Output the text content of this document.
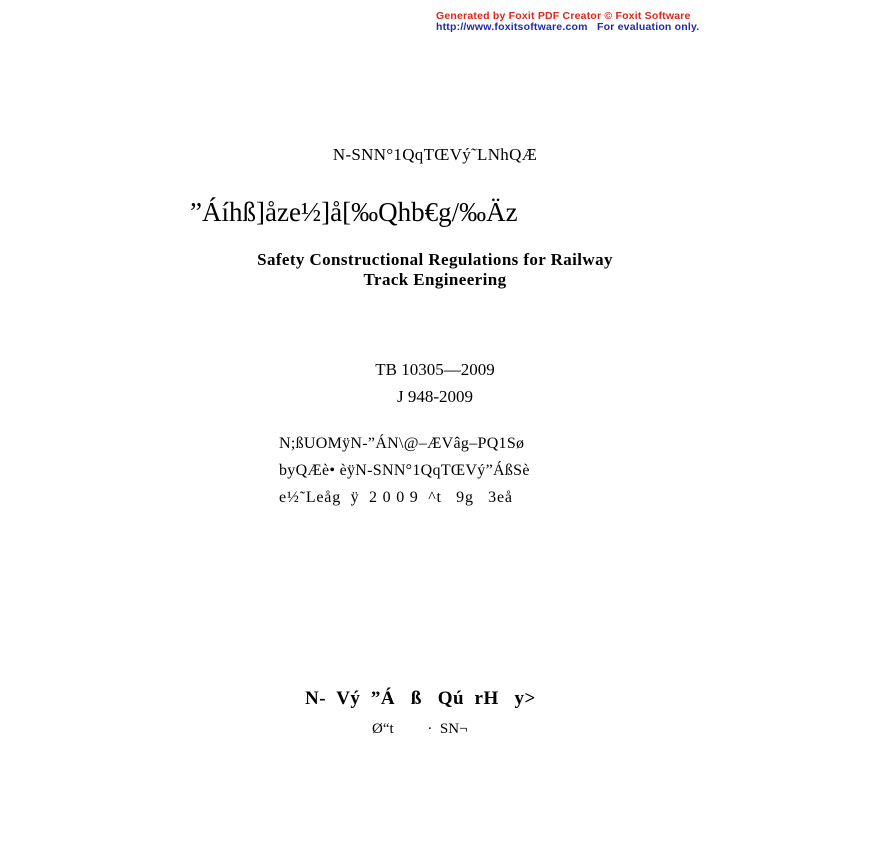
Generated by Foxit PDF Creator © Foxit Software
http://www.foxitsoftware.com   For evaluation only.
N-SNN°1QqTŒVý˜LNhQÆ
”Áíhß]åze½]å[‰Qhb€g/‰Äz
Safety Constructional Regulations for Railway
Track Engineering
TB 10305—2009
J 948-2009
N;ßUOMÿN-”ÁN\@–ÆVâg–PQ1Sø
byQÆè• èÿN-SNN°1QqTŒVý”ÁßSè
e½˜Leåg  ÿ  2 0 0 9  ^t   9g   3eå
N-  Vý  ”Á   ß   Qú  rH   y>
Ø“t         ·  SN¬
